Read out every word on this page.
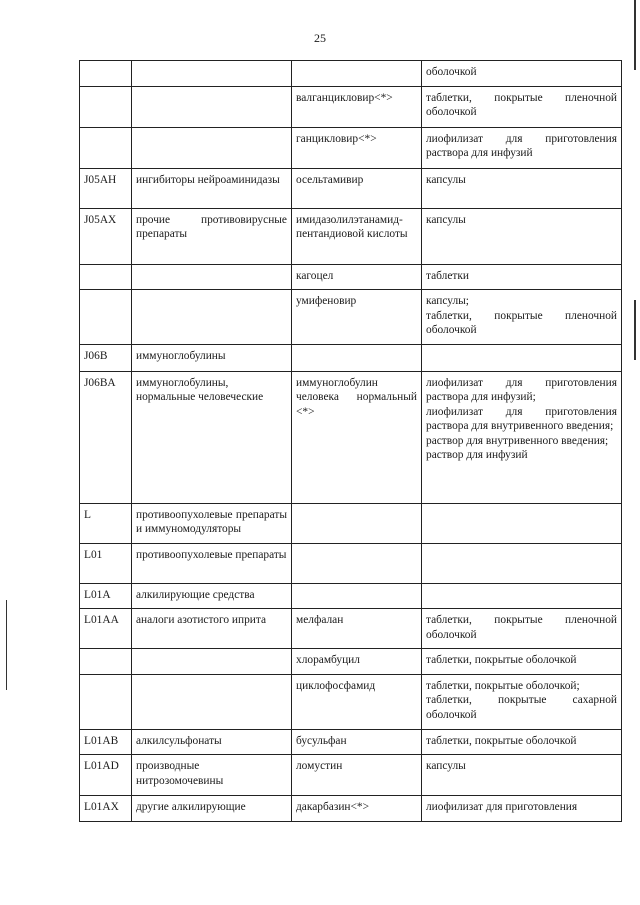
25

			оболочкой

		валганцикловир<*>	таблетки, покрытые пленочной оболочкой

		ганцикловир<*>	лиофилизат для приготовления раствора для инфузий

J05AH	ингибиторы нейроаминидазы	осельтамивир	капсулы

J05AX	прочие противовирусные препараты	имидазолилэтанамид-пентандиовой кислоты	капсулы

		кагоцел	таблетки

		умифеновир	капсулы;
таблетки, покрытые пленочной оболочкой

J06B	иммуноглобулины		
J06BA	иммуноглобулины, нормальные человеческие	иммуноглобулин человека нормальный <*>	лиофилизат для приготовления раствора для инфузий;
лиофилизат для приготовления раствора для внутривенного введения;
раствор для внутривенного введения;
раствор для инфузий

L	противоопухолевые препараты и иммуномодуляторы		
L01	противоопухолевые препараты		
L01A	алкилирующие средства		
L01AA	аналоги азотистого иприта	мелфалан	таблетки, покрытые пленочной оболочкой

		хлорамбуцил	таблетки, покрытые оболочкой

		циклофосфамид	таблетки, покрытые оболочкой;
таблетки, покрытые сахарной оболочкой

L01AB	алкилсульфонаты	бусульфан	таблетки, покрытые оболочкой

L01AD	производные нитрозомочевины	ломустин	капсулы

L01AX	другие алкилирующие	дакарбазин<*>	лиофилизат для приготовления
